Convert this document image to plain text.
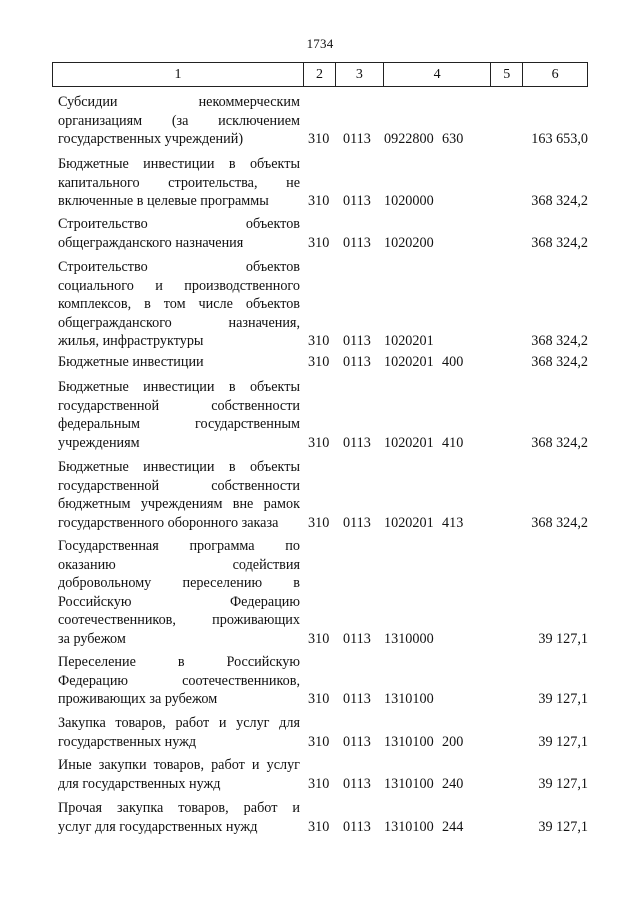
1734
1	2	3	4	5	6
Субсидии некоммерческим
организациям (за исключением
государственных учреждений)	310 0113 0922800 630	163 653,0
Бюджетные инвестиции в объекты
капитального строительства, не
включенные в целевые программы	310 0113 1020000	368 324,2
Строительство объектов
общегражданского назначения	310 0113 1020200	368 324,2
Строительство объектов
социального и производственного
комплексов, в том числе объектов
общегражданского назначения,
жилья, инфраструктуры	310 0113 1020201	368 324,2
Бюджетные инвестиции	310 0113 1020201 400	368 324,2
Бюджетные инвестиции в объекты
государственной собственности
федеральным государственным
учреждениям	310 0113 1020201 410	368 324,2
Бюджетные инвестиции в объекты
государственной собственности
бюджетным учреждениям вне рамок
государственного оборонного заказа	310 0113 1020201 413	368 324,2
Государственная программа по
оказанию содействия
добровольному переселению в
Российскую Федерацию
соотечественников, проживающих
за рубежом	310 0113 1310000	39 127,1
Переселение в Российскую
Федерацию соотечественников,
проживающих за рубежом	310 0113 1310100	39 127,1
Закупка товаров, работ и услуг для
государственных нужд	310 0113 1310100 200	39 127,1
Иные закупки товаров, работ и услуг
для государственных нужд	310 0113 1310100 240	39 127,1
Прочая закупка товаров, работ и
услуг для государственных нужд	310 0113 1310100 244	39 127,1
